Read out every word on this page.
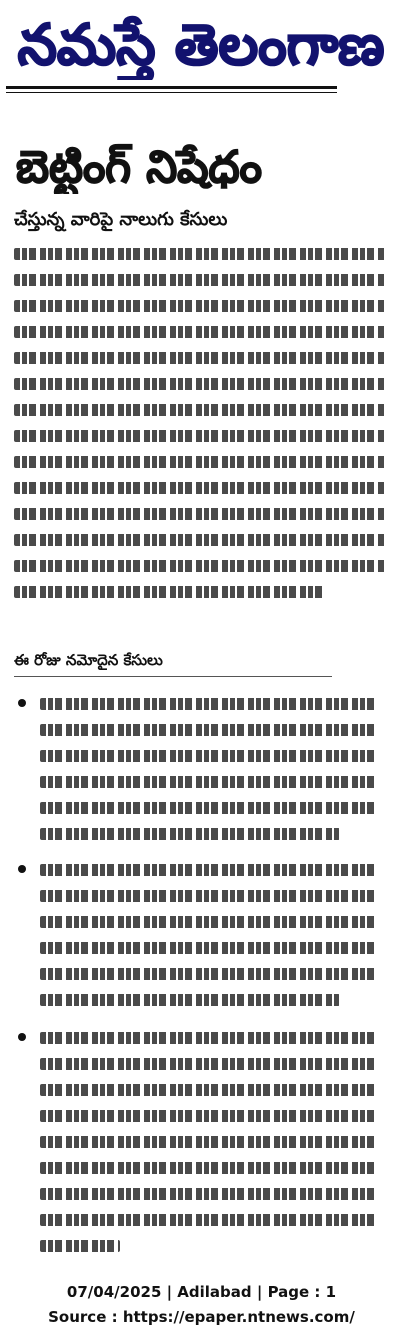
నమస్తే తెలంగాణ
బెట్టింగ్ నిషేధం
చేస్తున్న వారిపై నాలుగు కేసులు
ఈ రోజు నమోదైన కేసులు
07/04/2025 | Adilabad | Page : 1
Source : https://epaper.ntnews.com/
